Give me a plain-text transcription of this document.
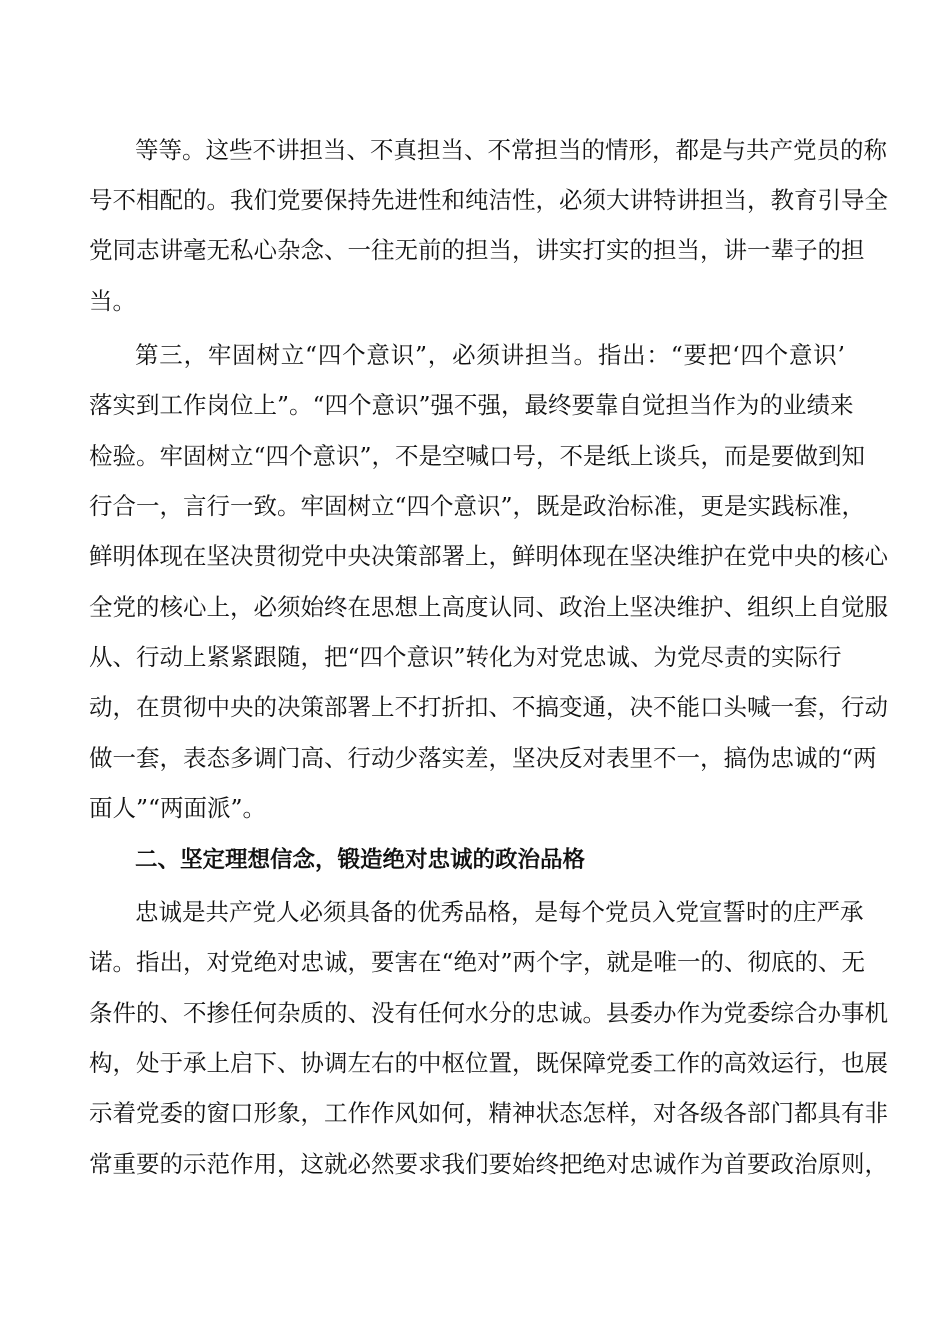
等等。这些不讲担当、不真担当、不常担当的情形，都是与共产党员的称
号不相配的。我们党要保持先进性和纯洁性，必须大讲特讲担当，教育引导全
党同志讲毫无私心杂念、一往无前的担当，讲实打实的担当，讲一辈子的担
当。
第三，牢固树立“四个意识”，必须讲担当。指出：“要把‘四个意识’
落实到工作岗位上”。“四个意识”强不强，最终要靠自觉担当作为的业绩来
检验。牢固树立“四个意识”，不是空喊口号，不是纸上谈兵，而是要做到知
行合一，言行一致。牢固树立“四个意识”，既是政治标准，更是实践标准，
鲜明体现在坚决贯彻党中央决策部署上，鲜明体现在坚决维护在党中央的核心
全党的核心上，必须始终在思想上高度认同、政治上坚决维护、组织上自觉服
从、行动上紧紧跟随，把“四个意识”转化为对党忠诚、为党尽责的实际行
动，在贯彻中央的决策部署上不打折扣、不搞变通，决不能口头喊一套，行动
做一套，表态多调门高、行动少落实差，坚决反对表里不一，搞伪忠诚的“两
面人”“两面派”。
二、坚定理想信念，锻造绝对忠诚的政治品格
忠诚是共产党人必须具备的优秀品格，是每个党员入党宣誓时的庄严承
诺。指出，对党绝对忠诚，要害在“绝对”两个字，就是唯一的、彻底的、无
条件的、不掺任何杂质的、没有任何水分的忠诚。县委办作为党委综合办事机
构，处于承上启下、协调左右的中枢位置，既保障党委工作的高效运行，也展
示着党委的窗口形象，工作作风如何，精神状态怎样，对各级各部门都具有非
常重要的示范作用，这就必然要求我们要始终把绝对忠诚作为首要政治原则，
